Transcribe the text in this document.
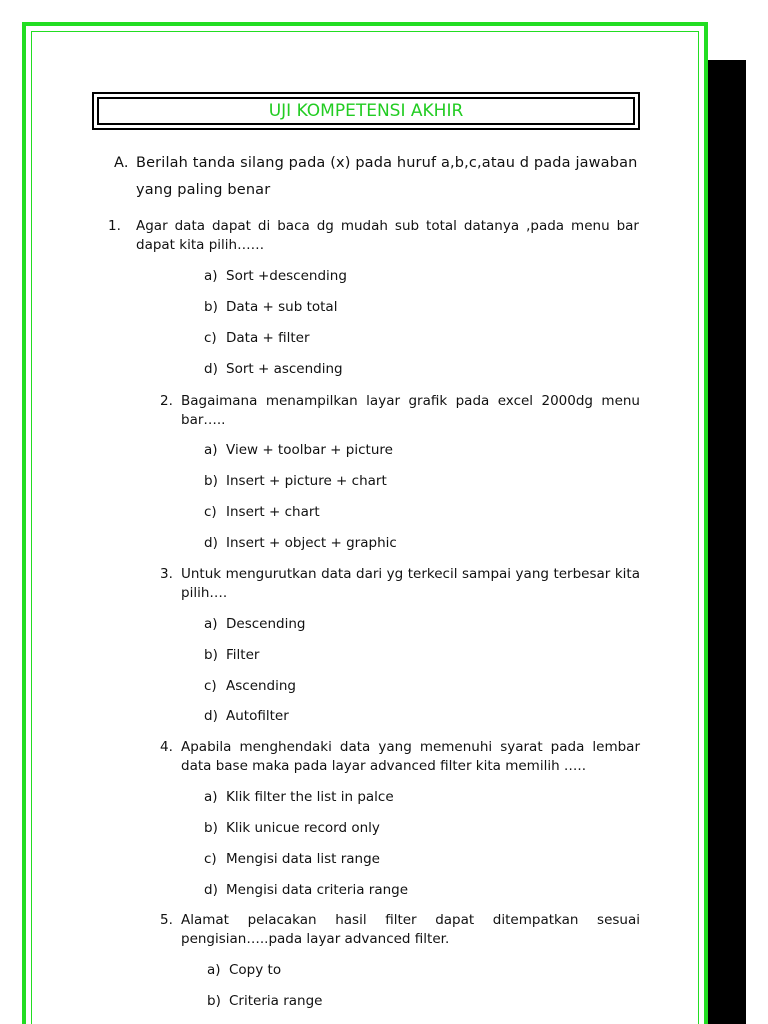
UJI KOMPETENSI AKHIR
A. Berilah tanda silang pada (x) pada huruf a,b,c,atau d pada jawaban
yang paling benar
1. Agar data dapat di baca dg mudah sub total datanya ,pada menu bar dapat kita pilih……
a) Sort +descending
b) Data + sub total
c) Data + filter
d) Sort + ascending
2. Bagaimana menampilkan layar grafik pada excel 2000dg menu bar…..
a) View + toolbar + picture
b) Insert + picture + chart
c) Insert + chart
d) Insert + object + graphic
3. Untuk mengurutkan data dari yg terkecil sampai yang terbesar kita pilih….
a) Descending
b) Filter
c) Ascending
d) Autofilter
4. Apabila menghendaki data yang memenuhi syarat pada lembar data base maka pada layar advanced filter kita memilih …..
a) Klik filter the list in palce
b) Klik unicue record only
c) Mengisi data list range
d) Mengisi data criteria range
5. Alamat pelacakan hasil filter dapat ditempatkan sesuai pengisian…..pada layar advanced filter.
a) Copy to
b) Criteria range
